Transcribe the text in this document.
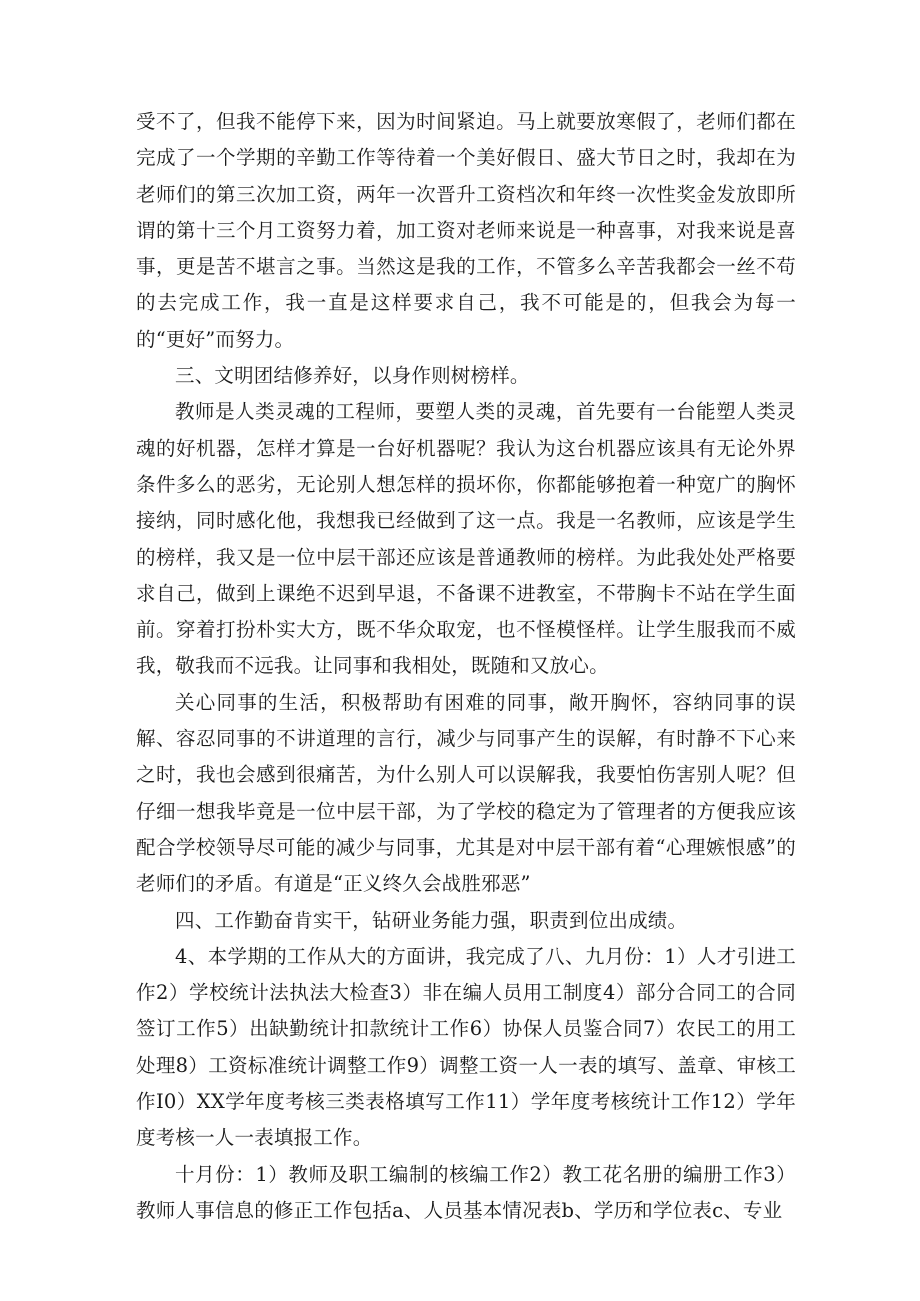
受不了，但我不能停下来，因为时间紧迫。马上就要放寒假了，老师们都在完成了一个学期的辛勤工作等待着一个美好假日、盛大节日之时，我却在为老师们的第三次加工资，两年一次晋升工资档次和年终一次性奖金发放即所谓的第十三个月工资努力着，加工资对老师来说是一种喜事，对我来说是喜事，更是苦不堪言之事。当然这是我的工作，不管多么辛苦我都会一丝不苟的去完成工作，我一直是这样要求自己，我不可能是的，但我会为每一的“更好”而努力。

三、文明团结修养好，以身作则树榜样。

教师是人类灵魂的工程师，要塑人类的灵魂，首先要有一台能塑人类灵魂的好机器，怎样才算是一台好机器呢？我认为这台机器应该具有无论外界条件多么的恶劣，无论别人想怎样的损坏你，你都能够抱着一种宽广的胸怀接纳，同时感化他，我想我已经做到了这一点。我是一名教师，应该是学生的榜样，我又是一位中层干部还应该是普通教师的榜样。为此我处处严格要求自己，做到上课绝不迟到早退，不备课不进教室，不带胸卡不站在学生面前。穿着打扮朴实大方，既不华众取宠，也不怪模怪样。让学生服我而不威我，敬我而不远我。让同事和我相处，既随和又放心。

关心同事的生活，积极帮助有困难的同事，敞开胸怀，容纳同事的误解、容忍同事的不讲道理的言行，减少与同事产生的误解，有时静不下心来之时，我也会感到很痛苦，为什么别人可以误解我，我要怕伤害别人呢？但仔细一想我毕竟是一位中层干部，为了学校的稳定为了管理者的方便我应该配合学校领导尽可能的减少与同事，尤其是对中层干部有着“心理嫉恨感”的老师们的矛盾。有道是“正义终久会战胜邪恶”

四、工作勤奋肯实干，钻研业务能力强，职责到位出成绩。

4、本学期的工作从大的方面讲，我完成了八、九月份：1）人才引进工作2）学校统计法执法大检查3）非在编人员用工制度4）部分合同工的合同签订工作5）出缺勤统计扣款统计工作6）协保人员鉴合同7）农民工的用工处理8）工资标准统计调整工作9）调整工资一人一表的填写、盖章、审核工作I0）XX学年度考核三类表格填写工作11）学年度考核统计工作12）学年度考核一人一表填报工作。

十月份：1）教师及职工编制的核编工作2）教工花名册的编册工作3）教师人事信息的修正工作包括a、人员基本情况表b、学历和学位表c、专业
